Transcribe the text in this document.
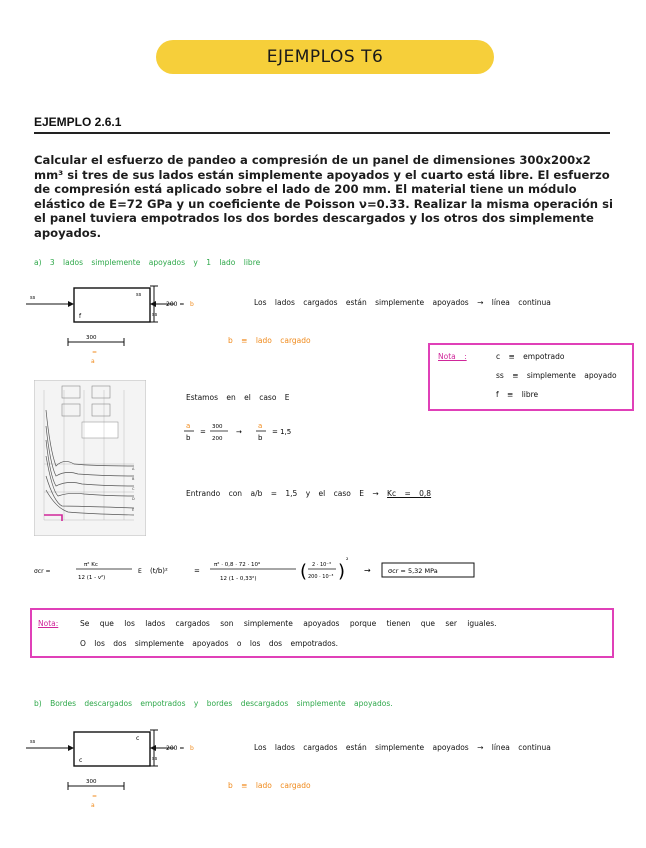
EJEMPLOS T6
EJEMPLO 2.6.1
Calcular el esfuerzo de pandeo a compresión de un panel de dimensiones 300x200x2 mm³ si tres de sus lados están simplemente apoyados y el cuarto está libre. El esfuerzo de compresión está aplicado sobre el lado de 200 mm. El material tiene un módulo elástico de E=72 GPa y un coeficiente de Poisson ν=0.33. Realizar la misma operación si el panel tuviera empotrados los dos bordes descargados y los otros dos simplemente apoyados.
a) 3 lados simplemente apoyados y 1 lado libre
ss	ss
f	ss
300
=
a
200 = b	Los lados cargados están simplemente apoyados → línea continua
b ≡ lado cargado
Nota :	c ≡ empotrado
ss ≡ simplemente apoyado
f ≡ libre
A
B
C
D
E
Estamos en el caso E
a
b
=
300
200
→
a
b
= 1,5
Entrando con a/b = 1,5 y el caso E → Kc = 0,8
σcr =
π² Kc
12 (1 - ν²)
E (t/b)²	=
π² · 0,8 · 72 · 10⁹
12 (1 - 0,33²) ( 2 · 10⁻³
200 · 10⁻³ )
²
→	σcr = 5,32 MPa
Nota:	Se que los lados cargados son simplemente apoyados porque tienen que ser iguales.
O los dos simplemente apoyados o los dos empotrados.
b) Bordes descargados empotrados y bordes descargados simplemente apoyados.
ss	c
c	ss
300
=
a
200 = b	Los lados cargados están simplemente apoyados → línea continua
b ≡ lado cargado
